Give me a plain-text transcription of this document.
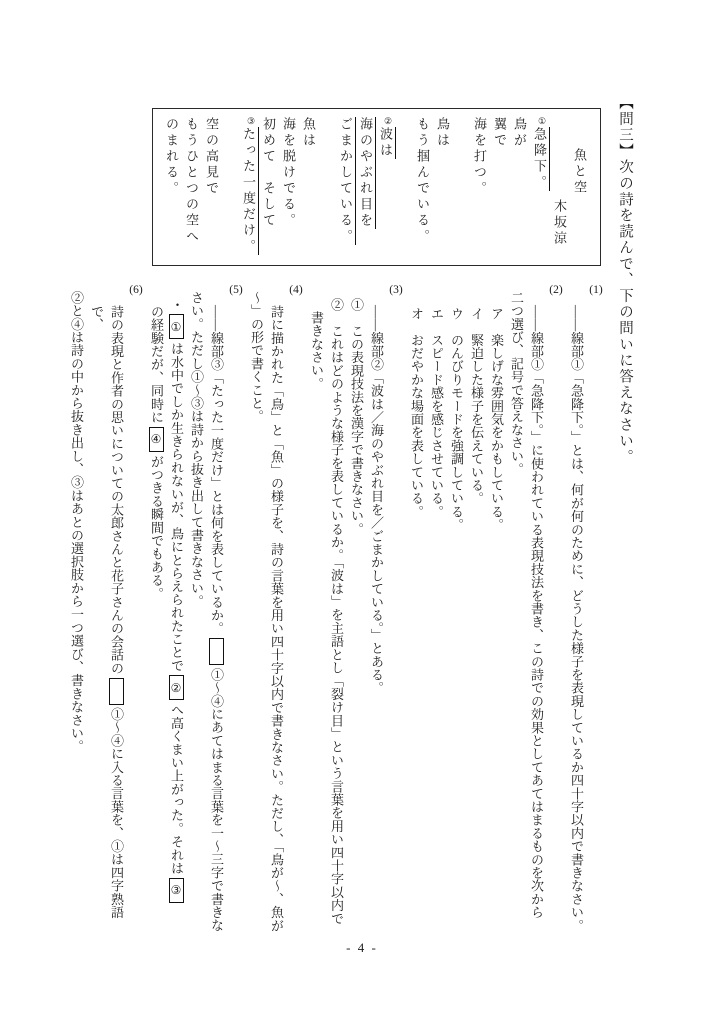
【問三】次の詩を読んで、下の問いに答えなさい。
魚と空
木坂涼
①急降下。
鳥が
翼で
海を打つ。
鳥は
もう掴んでいる。
②波は
海のやぶれ目を
ごまかしている。
魚は
海を脱けでる。
初めて　そして
③たった一度だけ。
空の高見で
もうひとつの空へ
のまれる。
(1)
――線部①「急降下。」とは、何が何のために、どうした様子を表現しているか四十字以内で書きなさい。
(2)
――線部①「急降下。」に使われている表現技法を書き、この詩での効果としてあてはまるものを次から
二つ選び、記号で答えなさい。
ア　楽しげな雰囲気をかもしている。
イ　緊迫した様子を伝えている。
ウ　のんびりモードを強調している。
エ　スピード感を感じさせている。
オ　おだやかな場面を表している。
(3)
――線部②「波は／海のやぶれ目を／ごまかしている。」とある。
①　この表現技法を漢字で書きなさい。
②　これはどのような様子を表しているか。「波は」を主語とし「裂け目」という言葉を用い四十字以内で
書きなさい。
(4)
詩に描かれた「鳥」と「魚」の様子を、詩の言葉を用い四十字以内で書きなさい。ただし、「鳥が〜、魚が
〜」の形で書くこと。
(5)
――線部③「たった一度だけ」とは何を表しているか。①〜④にあてはまる言葉を一〜三字で書きな
さい。ただし①〜③は詩から抜き出して書きなさい。
・①は水中でしか生きられないが、鳥にとらえられたことで②へ高くまい上がった。それは③
の経験だが、同時に④がつきる瞬間でもある。
(6)
詩の表現と作者の思いについての太郎さんと花子さんの会話の①〜④に入る言葉を、①は四字熟語で、
②と④は詩の中から抜き出し、③はあとの選択肢から一つ選び、書きなさい。
- 4 -
